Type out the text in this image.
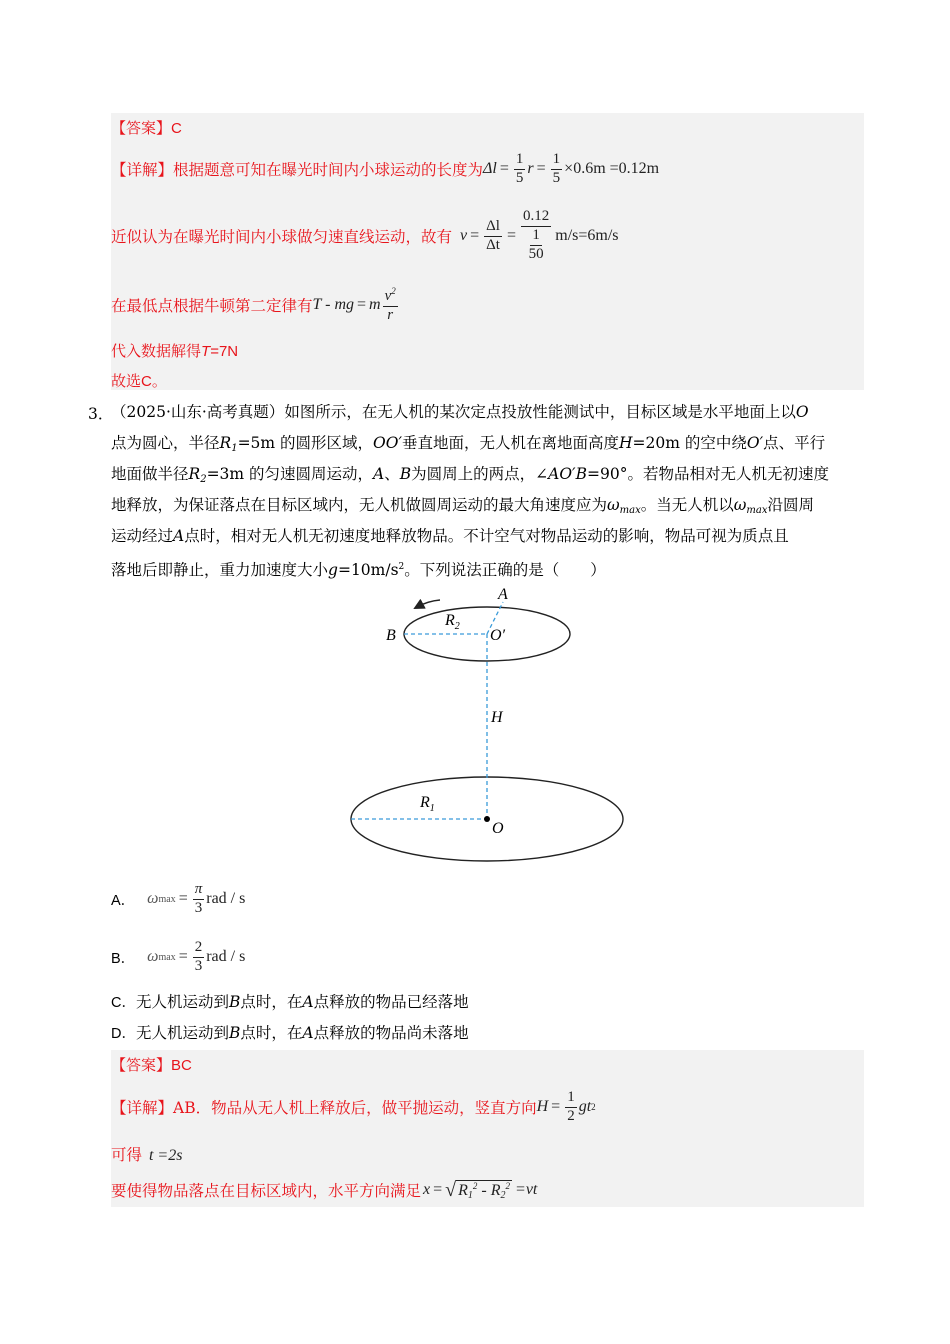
【答案】C
【详解】 根据题意可知在曝光时间内小球运动的长度为 $\Delta l = \frac{1}{5}$ $r = \frac{1}{5} \times 0.6m =0.12m$
近似认为在曝光时间内小球做匀速直线运动，故有 $v = \frac{\Delta l}{\Delta t} = \frac{0.12}{\frac{1}{50}} m/s=6m/s$
在最低点根据牛顿第二定律有 T - mg = m $\frac{v^2}{r}$
代入数据解得T=7N
故选C。
3．
（2025·山东·高考真题）如图所示，在无人机的某次定点投放性能测试中，目标区域是水平地面上以O
点为圆心，半径$R_1=5m$ 的圆形区域，OO′垂直地面，无人机在离地面高度H=20m 的空中绕O′点、平行
地面做半径$R_2=3m$ 的匀速圆周运动，A、B为圆周上的两点，∠AO′B=90°。若物品相对无人机无初速度
地释放，为保证落点在目标区域内，无人机做圆周运动的最大角速度应为$\omega_{max}$。当无人机以$\omega_{max}$沿圆周
运动经过A点时，相对无人机无初速度地释放物品。不计空气对物品运动的影响，物品可视为质点且
落地后即静止，重力加速度大小$g=10m/s^2$。下列说法正确的是（　　）
A
B
$R_2$
O′
H
$R_1$
O
A． ω $\max = \frac{\pi}{3}$ rad / s
B． ω $\max = \frac{2}{3}$ rad / s
C．无人机运动到B点时，在A点释放的物品已经落地
D．无人机运动到B点时，在A点释放的物品尚未落地
【答案】BC
【详解】 AB．物品从无人机上释放后，做平抛运动，竖直方向 $H = \frac{1}{2}$ gt 2
可得 t =2s
要使得物品落点在目标区域内，水平方向满足 x = √ $R_1^2 - R_2^2 =vt$
